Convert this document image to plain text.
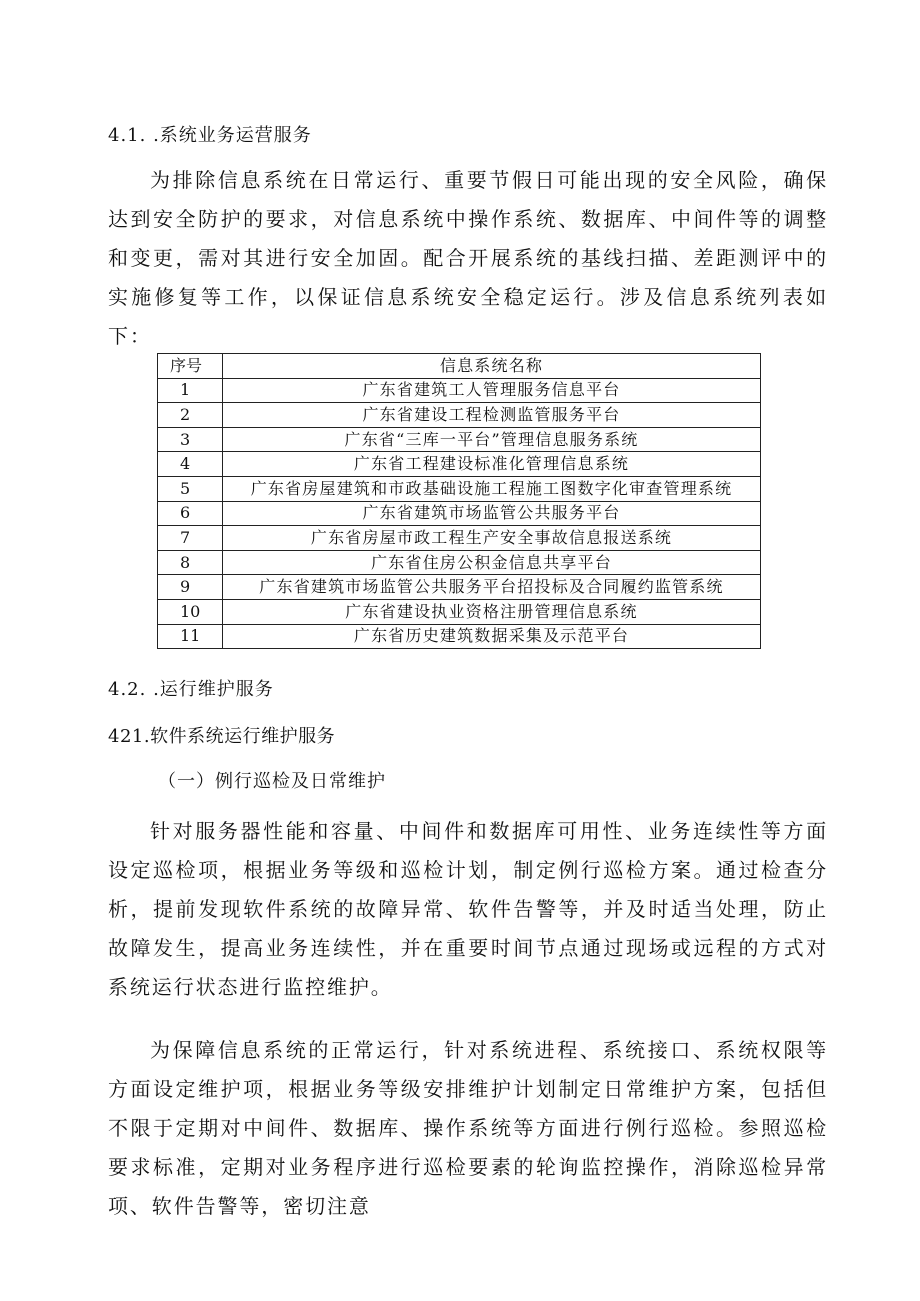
4.1. .系统业务运营服务

为排除信息系统在日常运行、重要节假日可能出现的安全风险，确保达到安全防护的要求，对信息系统中操作系统、数据库、中间件等的调整和变更，需对其进行安全加固。配合开展系统的基线扫描、差距测评中的实施修复等工作，以保证信息系统安全稳定运行。涉及信息系统列表如下：

序号	信息系统名称
1	广东省建筑工人管理服务信息平台
2	广东省建设工程检测监管服务平台
3	广东省“三库一平台”管理信息服务系统
4	广东省工程建设标准化管理信息系统
5	广东省房屋建筑和市政基础设施工程施工图数字化审查管理系统
6	广东省建筑市场监管公共服务平台
7	广东省房屋市政工程生产安全事故信息报送系统
8	广东省住房公积金信息共享平台
9	广东省建筑市场监管公共服务平台招投标及合同履约监管系统
10	广东省建设执业资格注册管理信息系统
11	广东省历史建筑数据采集及示范平台
4.2. .运行维护服务
421.软件系统运行维护服务
（一）例行巡检及日常维护

针对服务器性能和容量、中间件和数据库可用性、业务连续性等方面设定巡检项，根据业务等级和巡检计划，制定例行巡检方案。通过检查分析，提前发现软件系统的故障异常、软件告警等，并及时适当处理，防止故障发生，提高业务连续性，并在重要时间节点通过现场或远程的方式对系统运行状态进行监控维护。

为保障信息系统的正常运行，针对系统进程、系统接口、系统权限等方面设定维护项，根据业务等级安排维护计划制定日常维护方案，包括但不限于定期对中间件、数据库、操作系统等方面进行例行巡检。参照巡检要求标准，定期对业务程序进行巡检要素的轮询监控操作，消除巡检异常项、软件告警等，密切注意
